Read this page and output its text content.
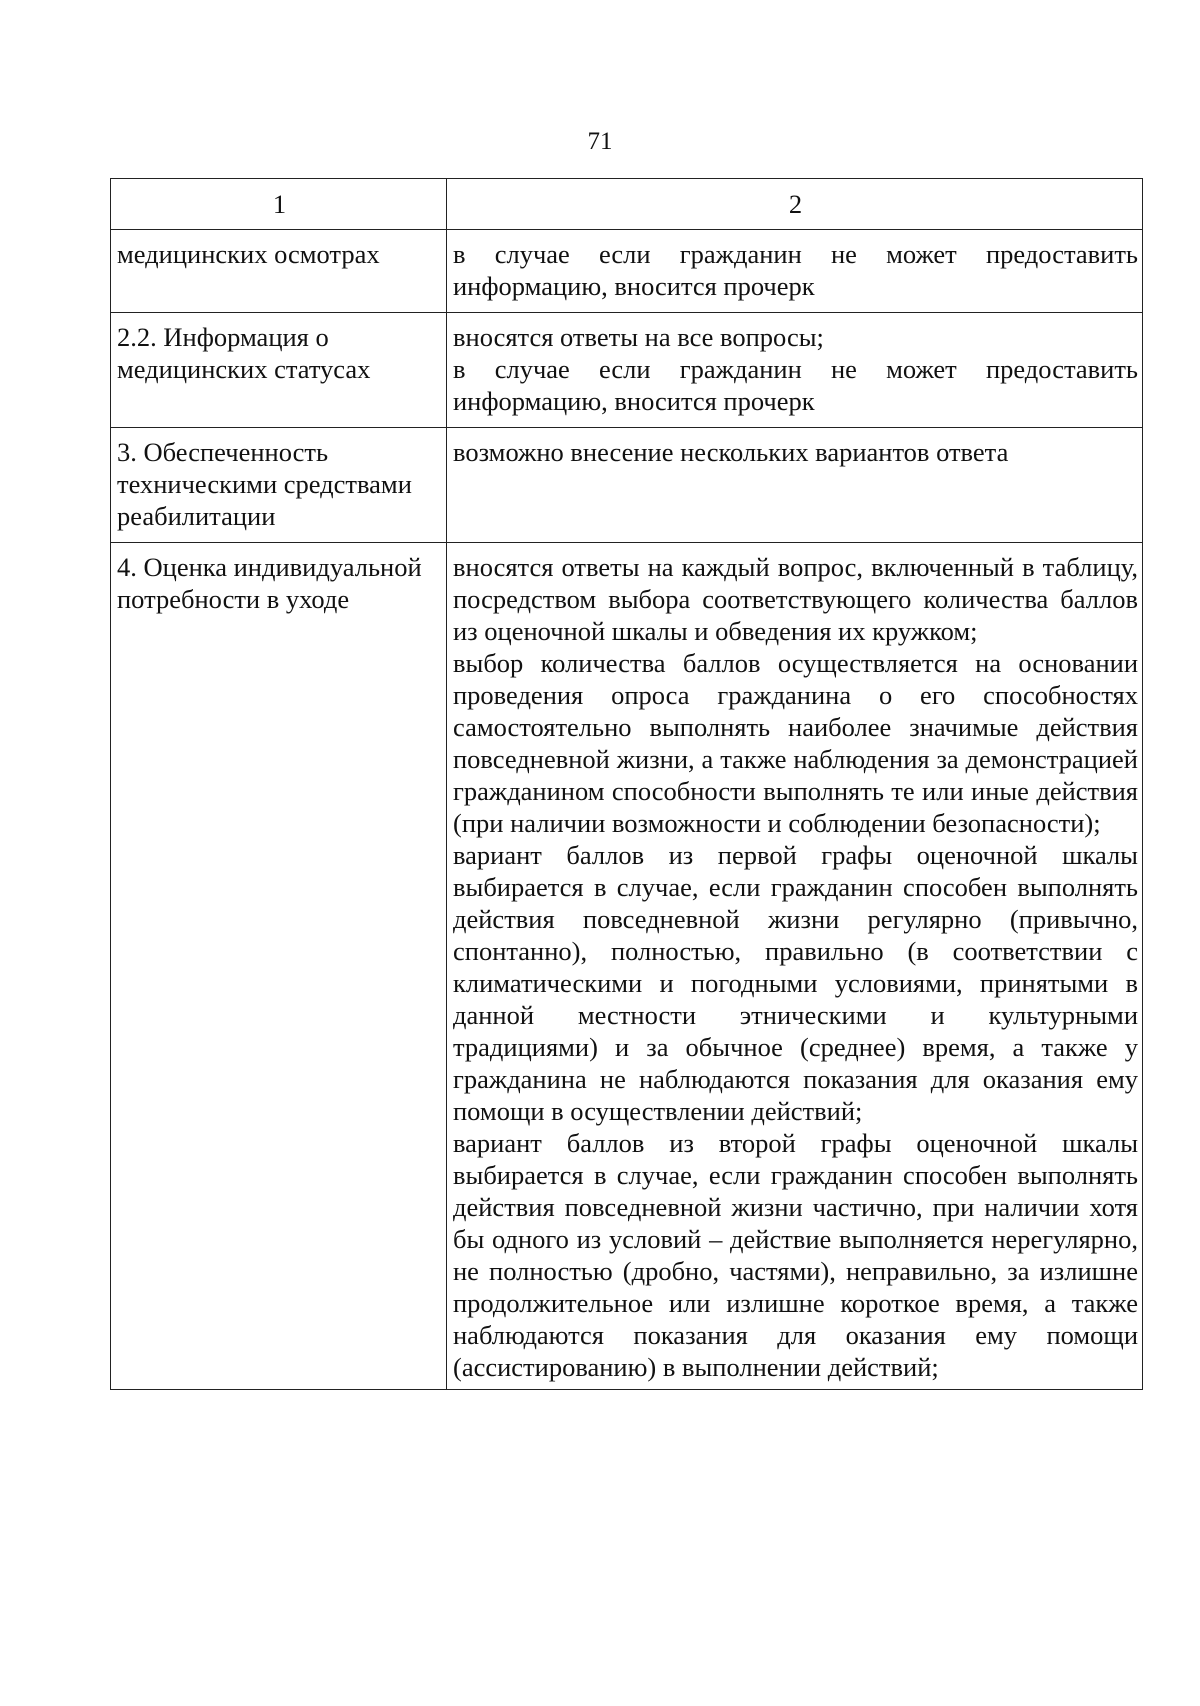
71
1	2

медицинских осмотрах	в случае если гражданин не может предоставить информацию, вносится прочерк

2.2. Информация о медицинских статусах	вносятся ответы на все вопросы;

в случае если гражданин не может предоставить информацию, вносится прочерк

3. Обеспеченность техническими средствами реабилитации	возможно внесение нескольких вариантов ответа

4. Оценка индивидуальной потребности в уходе	вносятся ответы на каждый вопрос, включенный в таблицу, посредством выбора соответствующего количества баллов из оценочной шкалы и обведения их кружком;

выбор количества баллов осуществляется на основании проведения опроса гражданина о его способностях самостоятельно выполнять наиболее значимые действия повседневной жизни, а также наблюдения за демонстрацией гражданином способности выполнять те или иные действия (при наличии возможности и соблюдении безопасности);

вариант баллов из первой графы оценочной шкалы выбирается в случае, если гражданин способен выполнять действия повседневной жизни регулярно (привычно, спонтанно), полностью, правильно (в соответствии с климатическими и погодными условиями, принятыми в данной местности этническими и культурными традициями) и за обычное (среднее) время, а также у гражданина не наблюдаются показания для оказания ему помощи в осуществлении действий;

вариант баллов из второй графы оценочной шкалы выбирается в случае, если гражданин способен выполнять действия повседневной жизни частично, при наличии хотя бы одного из условий – действие выполняется нерегулярно, не полностью (дробно, частями), неправильно, за излишне продолжительное или излишне короткое время, а также наблюдаются показания для оказания ему помощи (ассистированию) в выполнении действий;
